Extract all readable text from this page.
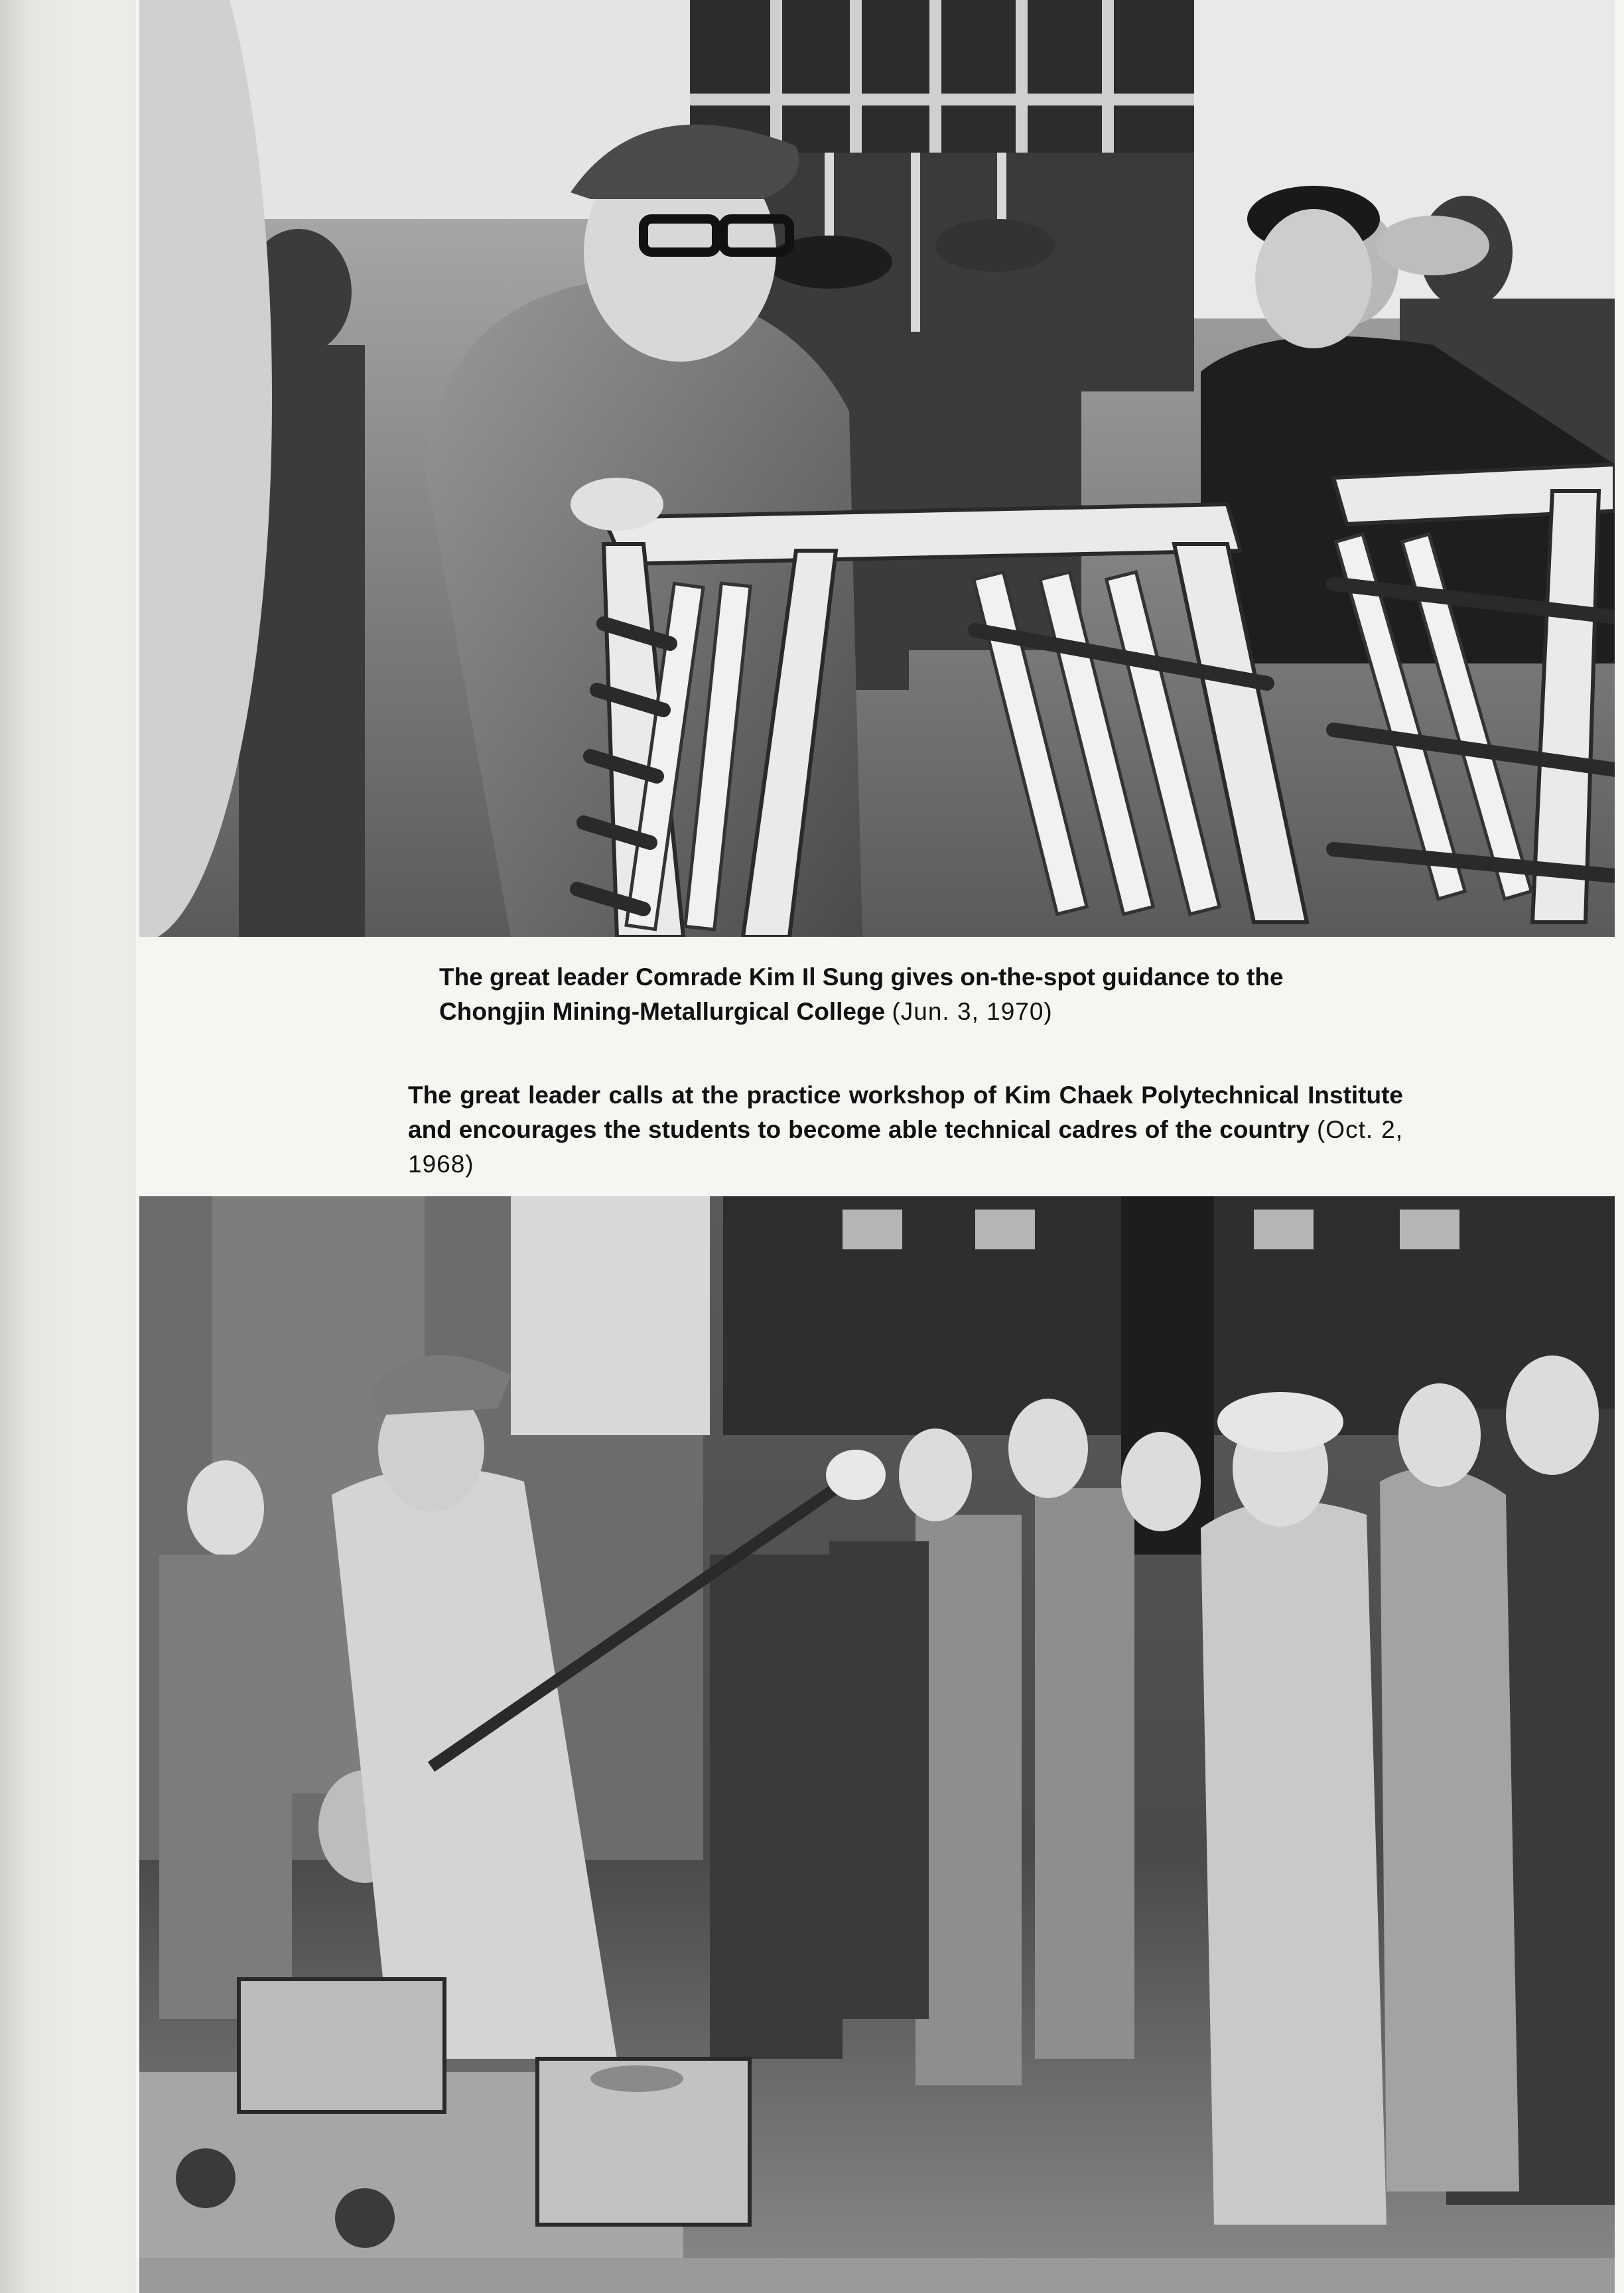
The great leader Comrade Kim Il Sung gives on-the-spot guidance to the Chongjin Mining-Metallurgical College (Jun. 3, 1970)
The great leader calls at the practice workshop of Kim Chaek Polytechnical Institute and encourages the students to become able technical cadres of the country (Oct. 2, 1968)
